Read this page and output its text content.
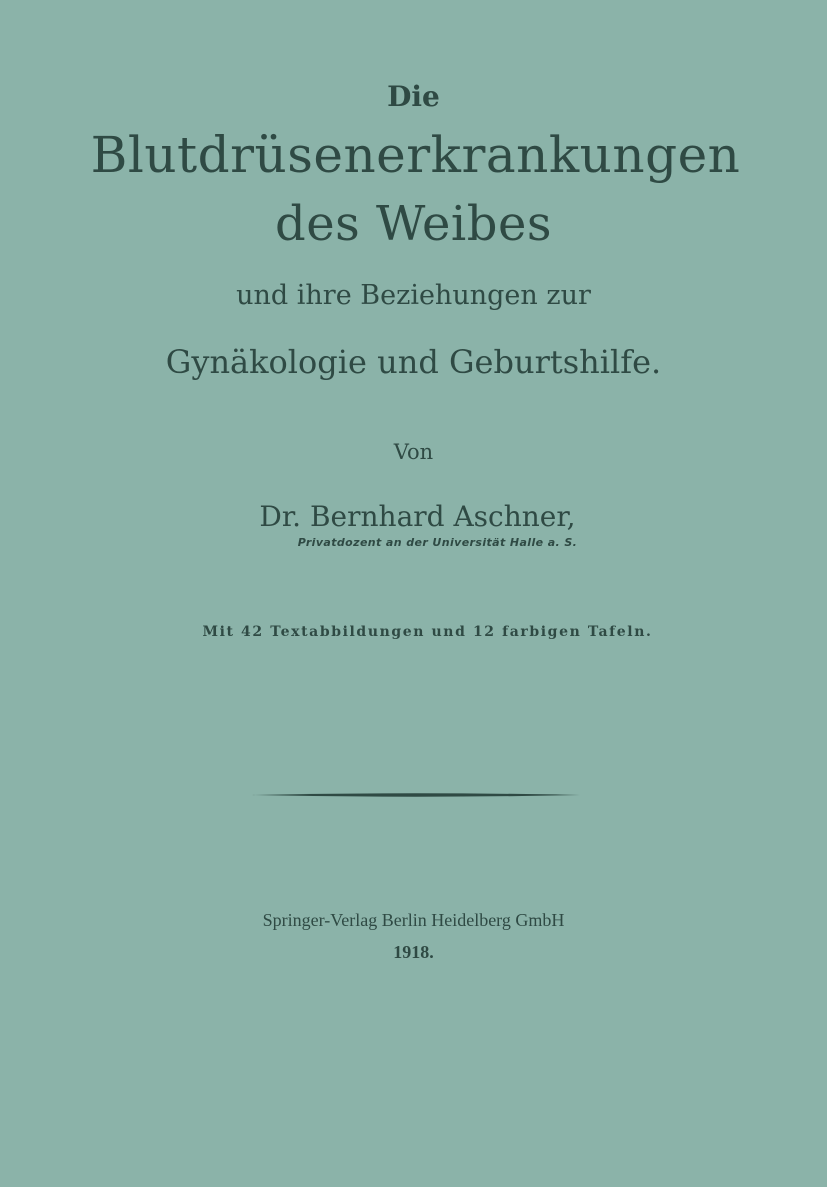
Die
Blutdrüsenerkrankungen
des Weibes
und ihre Beziehungen zur
Gynäkologie und Geburtshilfe.
Von
Dr. Bernhard Aschner,
Privatdozent an der Universität Halle a. S.
Mit 42 Textabbildungen und 12 farbigen Tafeln.
Springer-Verlag Berlin Heidelberg GmbH
1918.
